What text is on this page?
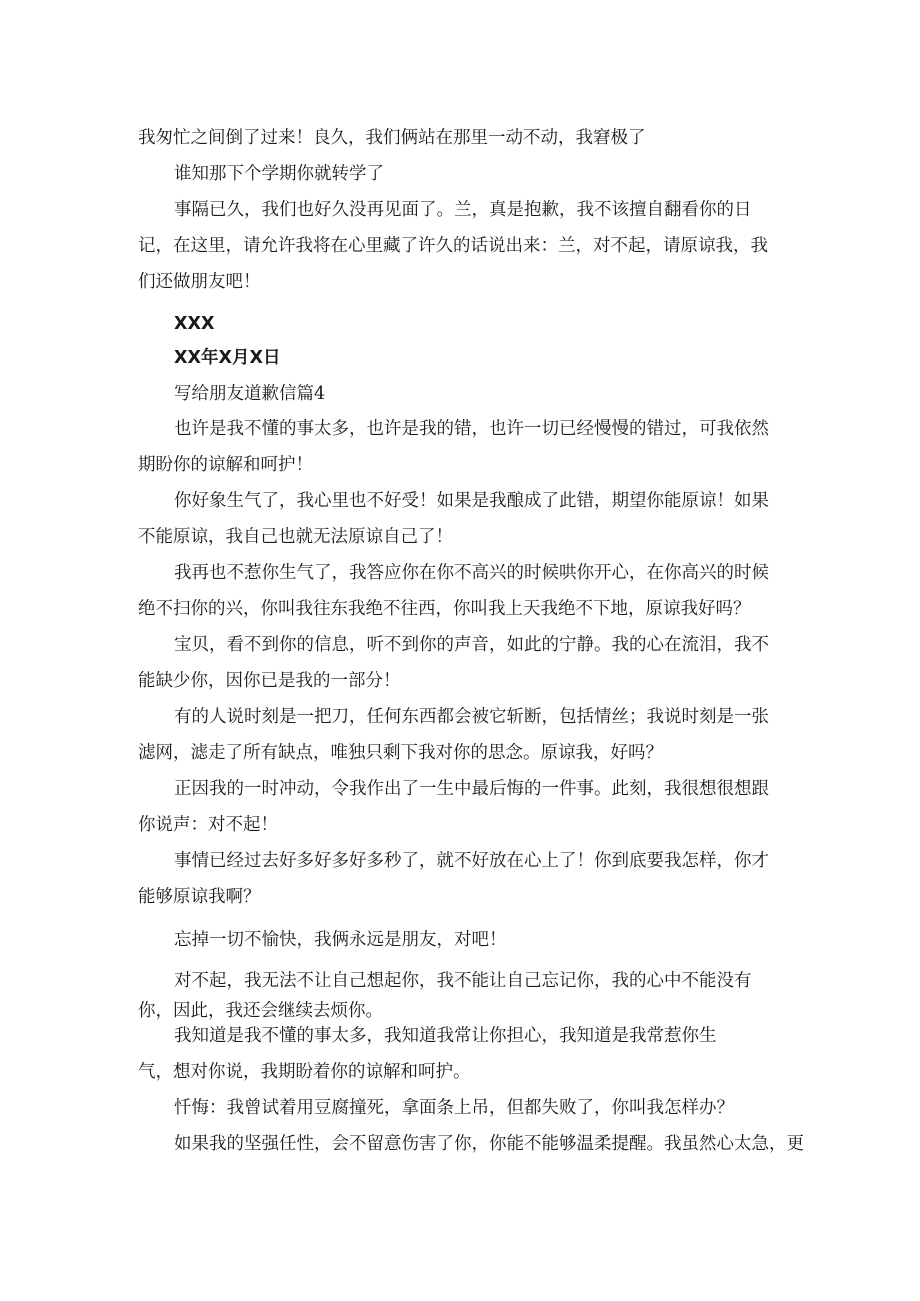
我匆忙之间倒了过来！良久，我们俩站在那里一动不动，我窘极了
谁知那下个学期你就转学了
事隔已久，我们也好久没再见面了。兰，真是抱歉，我不该擅自翻看你的日记，在这里，请允许我将在心里藏了许久的话说出来：兰，对不起，请原谅我，我们还做朋友吧！
XXX
XX年X月X日
写给朋友道歉信篇4
也许是我不懂的事太多，也许是我的错，也许一切已经慢慢的错过，可我依然期盼你的谅解和呵护！
你好象生气了，我心里也不好受！如果是我酿成了此错，期望你能原谅！如果不能原谅，我自己也就无法原谅自己了！
我再也不惹你生气了，我答应你在你不高兴的时候哄你开心，在你高兴的时候绝不扫你的兴，你叫我往东我绝不往西，你叫我上天我绝不下地，原谅我好吗？
宝贝，看不到你的信息，听不到你的声音，如此的宁静。我的心在流泪，我不能缺少你，因你已是我的一部分！
有的人说时刻是一把刀，任何东西都会被它斩断，包括情丝；我说时刻是一张滤网，滤走了所有缺点，唯独只剩下我对你的思念。原谅我，好吗？
正因我的一时冲动，令我作出了一生中最后悔的一件事。此刻，我很想很想跟你说声：对不起！
事情已经过去好多好多好多秒了，就不好放在心上了！你到底要我怎样，你才能够原谅我啊？
忘掉一切不愉快，我俩永远是朋友，对吧！
对不起，我无法不让自己想起你，我不能让自己忘记你，我的心中不能没有你，因此，我还会继续去烦你。
我知道是我不懂的事太多，我知道我常让你担心，我知道是我常惹你生
气，想对你说，我期盼着你的谅解和呵护。
忏悔：我曾试着用豆腐撞死，拿面条上吊，但都失败了，你叫我怎样办？
如果我的坚强任性，会不留意伤害了你，你能不能够温柔提醒。我虽然心太急，更
